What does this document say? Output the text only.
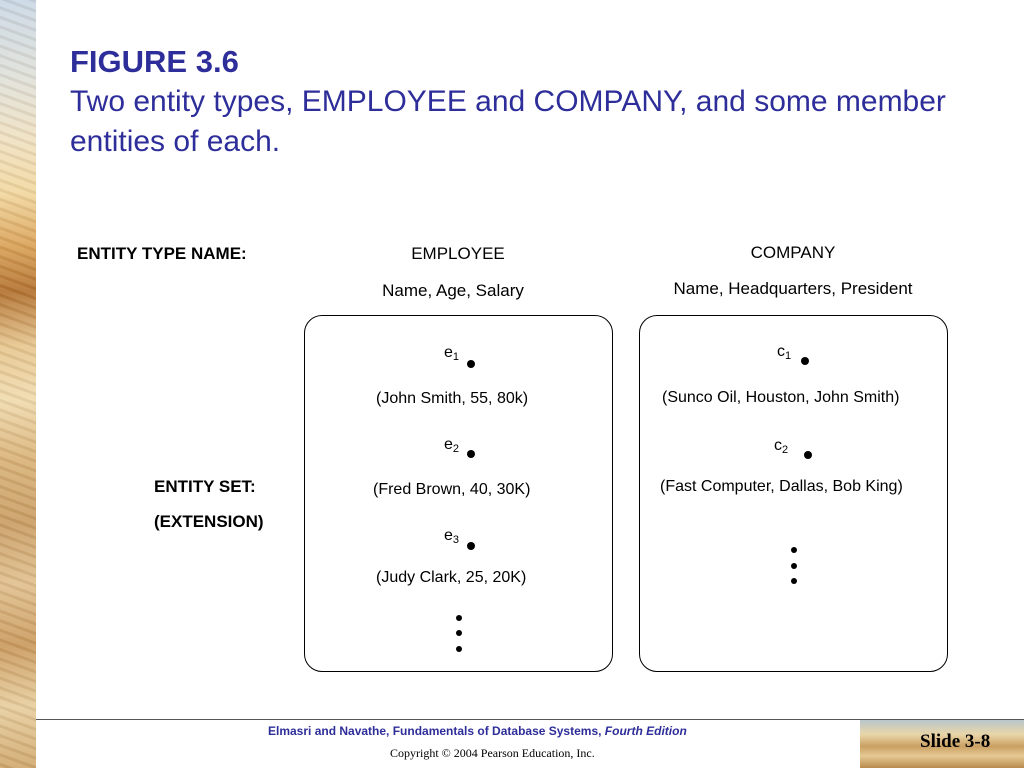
FIGURE 3.6

Two entity types, EMPLOYEE and COMPANY, and some member entities of each.

ENTITY TYPE NAME:
ENTITY SET:
(EXTENSION)
EMPLOYEE
Name, Age, Salary
$e_1$
(John Smith, 55, 80k)
$e_2$
(Fred Brown, 40, 30K)
$e_3$
(Judy Clark, 25, 20K)
COMPANY
Name, Headquarters, President
$c_1$
(Sunco Oil, Houston, John Smith)
$c_2$
(Fast Computer, Dallas, Bob King)
Elmasri and Navathe, Fundamentals of Database Systems, Fourth Edition
Copyright © 2004 Pearson Education, Inc.
Slide 3-8
